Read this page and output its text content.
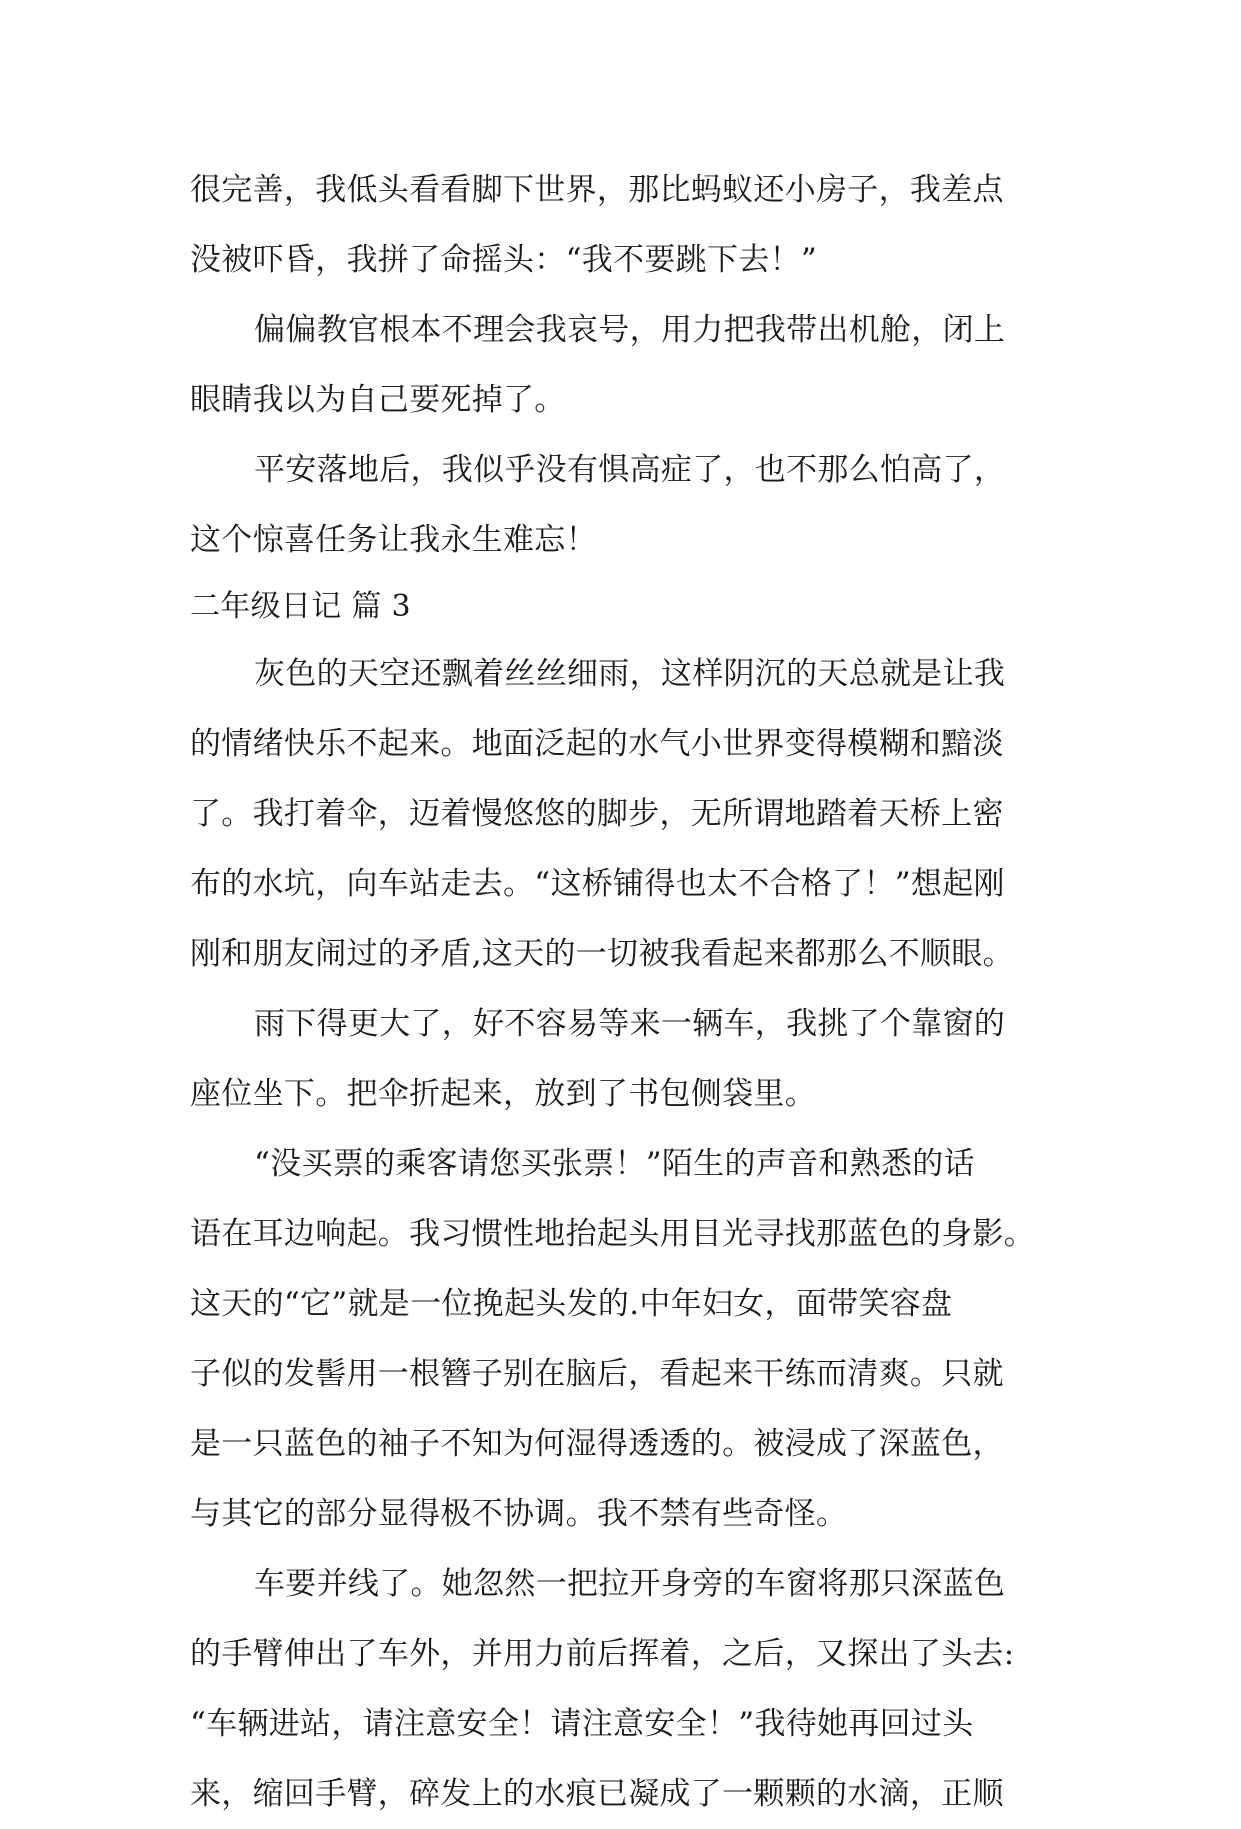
很完善，我低头看看脚下世界，那比蚂蚁还小房子，我差点
没被吓昏，我拼了命摇头：“我不要跳下去！”
偏偏教官根本不理会我哀号，用力把我带出机舱，闭上
眼睛我以为自己要死掉了。
平安落地后，我似乎没有惧高症了，也不那么怕高了，
这个惊喜任务让我永生难忘！
二年级日记 篇 3
灰色的天空还飘着丝丝细雨，这样阴沉的天总就是让我
的情绪快乐不起来。地面泛起的水气小世界变得模糊和黯淡
了。我打着伞，迈着慢悠悠的脚步，无所谓地踏着天桥上密
布的水坑，向车站走去。“这桥铺得也太不合格了！”想起刚
刚和朋友闹过的矛盾,这天的一切被我看起来都那么不顺眼。
雨下得更大了，好不容易等来一辆车，我挑了个靠窗的
座位坐下。把伞折起来，放到了书包侧袋里。
“没买票的乘客请您买张票！”陌生的声音和熟悉的话
语在耳边响起。我习惯性地抬起头用目光寻找那蓝色的身影。
这天的“它”就是一位挽起头发的.中年妇女，面带笑容盘
子似的发髻用一根簪子别在脑后，看起来干练而清爽。只就
是一只蓝色的袖子不知为何湿得透透的。被浸成了深蓝色，
与其它的部分显得极不协调。我不禁有些奇怪。
车要并线了。她忽然一把拉开身旁的车窗将那只深蓝色
的手臂伸出了车外，并用力前后挥着，之后，又探出了头去:
“车辆进站，请注意安全！请注意安全！”我待她再回过头
来，缩回手臂，碎发上的水痕已凝成了一颗颗的水滴，正顺
